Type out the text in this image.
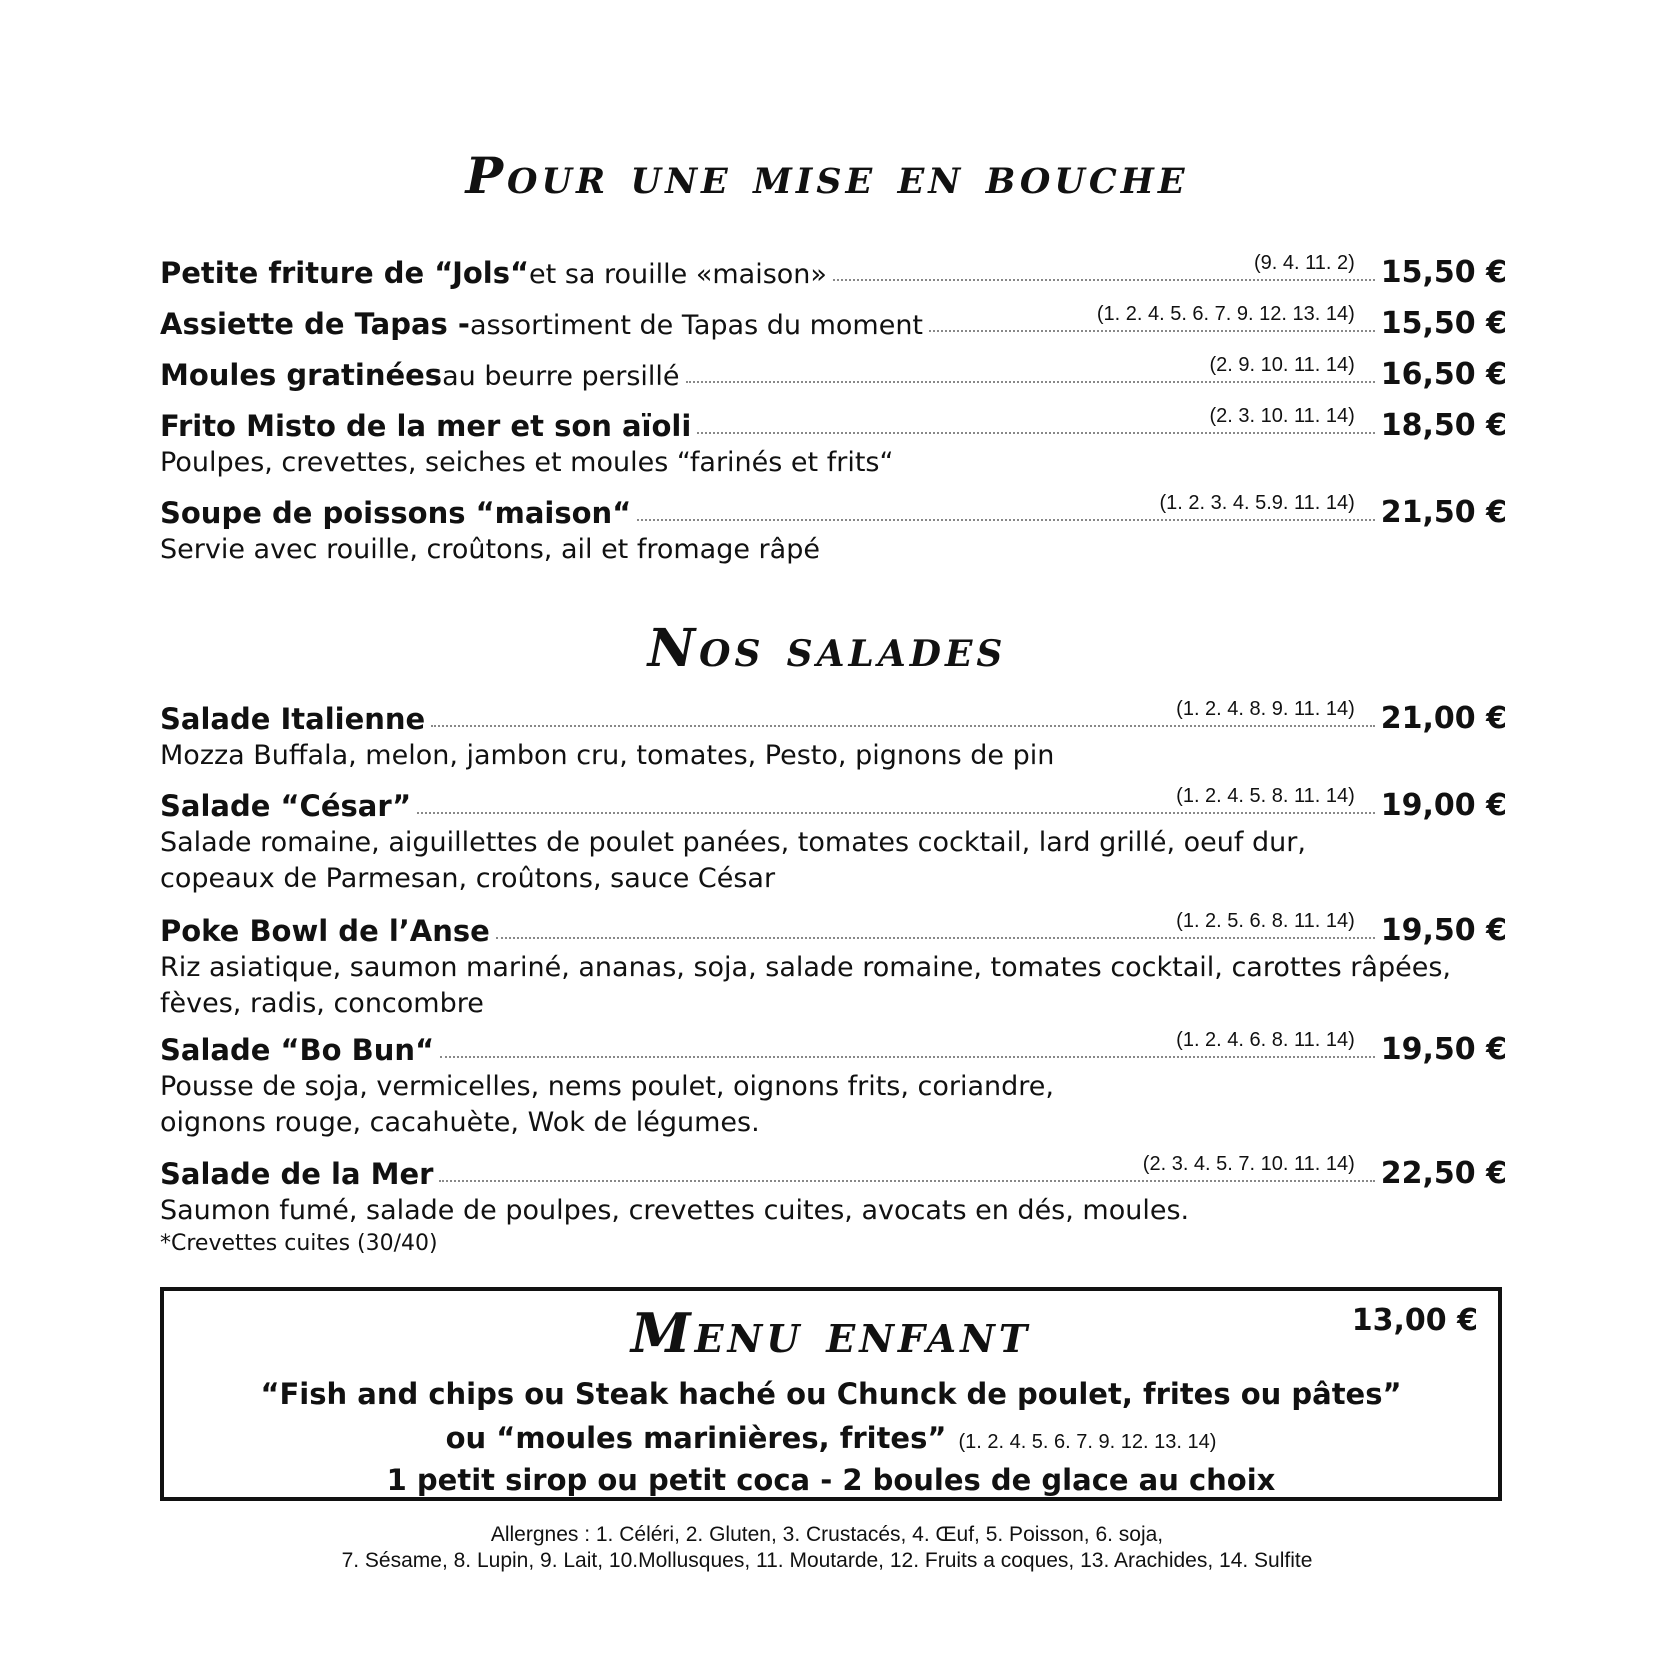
Pour une mise en bouche
Petite friture de “Jols“ et sa rouille «maison»	(9. 4. 11. 2) 15,50 €
Assiette de Tapas - assortiment de Tapas du moment	(1. 2. 4. 5. 6. 7. 9. 12. 13. 14) 15,50 €
Moules gratinées au beurre persillé	(2. 9. 10. 11. 14) 16,50 €
Frito Misto de la mer et son aïoli	(2. 3. 10. 11. 14) 18,50 €
Poulpes, crevettes, seiches et moules “farinés et frits“
Soupe de poissons “maison“	(1. 2. 3. 4. 5.9. 11. 14) 21,50 €
Servie avec rouille, croûtons, ail et fromage râpé
Nos salades
Salade Italienne	(1. 2. 4. 8. 9. 11. 14) 21,00 €
Mozza Buffala, melon, jambon cru, tomates, Pesto, pignons de pin
Salade “César”	(1. 2. 4. 5. 8. 11. 14) 19,00 €
Salade romaine, aiguillettes de poulet panées, tomates cocktail, lard grillé, oeuf dur,
copeaux de Parmesan, croûtons, sauce César
Poke Bowl de l’Anse	(1. 2. 5. 6. 8. 11. 14) 19,50 €
Riz asiatique, saumon mariné, ananas, soja, salade romaine, tomates cocktail, carottes râpées,
fèves, radis, concombre
Salade “Bo Bun“	(1. 2. 4. 6. 8. 11. 14) 19,50 €
Pousse de soja, vermicelles, nems poulet, oignons frits, coriandre,
oignons rouge, cacahuète, Wok de légumes.
Salade de la Mer	(2. 3. 4. 5. 7. 10. 11. 14) 22,50 €
Saumon fumé, salade de poulpes, crevettes cuites, avocats en dés, moules.
*Crevettes cuites (30/40)
Menu enfant	13,00 €
“Fish and chips ou Steak haché ou Chunck de poulet, frites ou pâtes”
ou “moules marinières, frites” (1. 2. 4. 5. 6. 7. 9. 12. 13. 14)
1 petit sirop ou petit coca - 2 boules de glace au choix
Allergnes : 1. Céléri, 2. Gluten, 3. Crustacés, 4. Œuf, 5. Poisson, 6. soja,
7. Sésame, 8. Lupin, 9. Lait, 10.Mollusques, 11. Moutarde, 12. Fruits a coques, 13. Arachides, 14. Sulfite
